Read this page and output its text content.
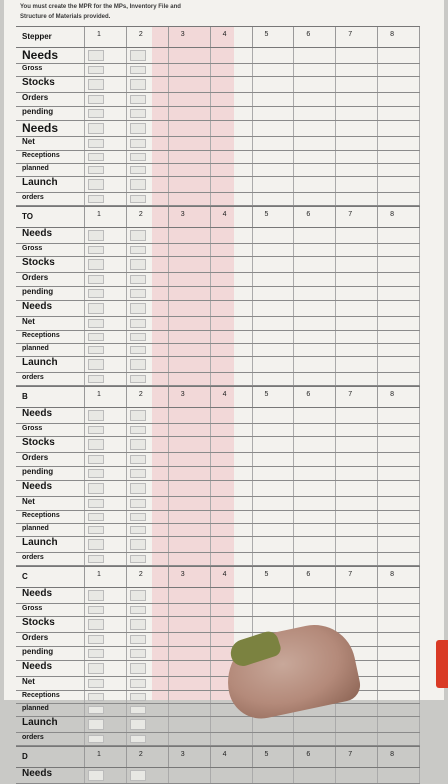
You must create the MPR for the MPs, Inventory File and
Structure of Materials provided.
Stepper	1	2	3	4	5	6	7	8
Needs
Gross
Stocks
Orders
pending
Needs
Net
Receptions
planned
Launch
orders
TO	1	2	3	4	5	6	7	8
Needs
Gross
Stocks
Orders
pending
Needs
Net
Receptions
planned
Launch
orders
B	1	2	3	4	5	6	7	8
Needs
Gross
Stocks
Orders
pending
Needs
Net
Receptions
planned
Launch
orders
C	1	2	3	4	5	6	7	8
Needs
Gross
Stocks
Orders
pending
Needs
Net
Receptions
planned
Launch
orders
D	1	2	3	4	5	6	7	8
Needs
